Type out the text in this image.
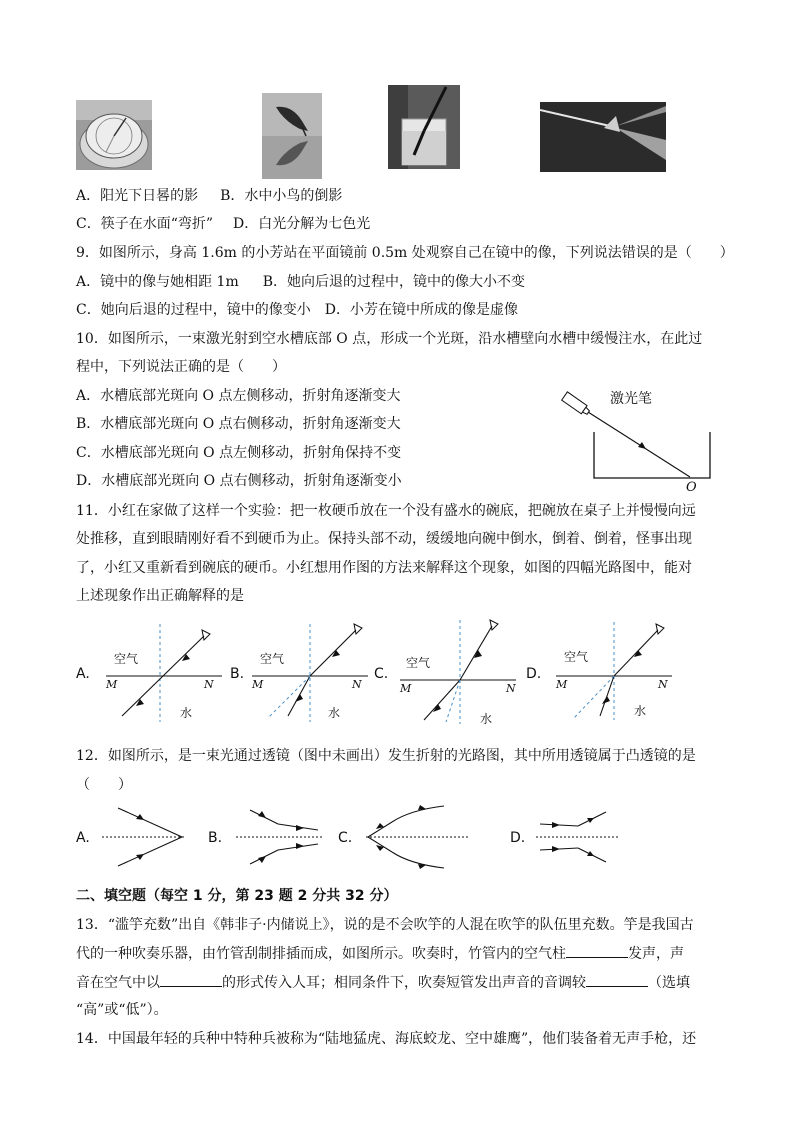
A．阳光下日晷的影 B．水中小鸟的倒影
C．筷子在水面“弯折” D．白光分解为七色光
9．如图所示，身高 1.6m 的小芳站在平面镜前 0.5m 处观察自己在镜中的像，下列说法错误的是（　　）
A．镜中的像与她相距 1m B．她向后退的过程中，镜中的像大小不变
C．她向后退的过程中，镜中的像变小 D．小芳在镜中所成的像是虚像
10．如图所示，一束激光射到空水槽底部 O 点，形成一个光斑，沿水槽壁向水槽中缓慢注水，在此过
程中，下列说法正确的是（　　）
A．水槽底部光斑向 O 点左侧移动，折射角逐渐变大
B．水槽底部光斑向 O 点右侧移动，折射角逐渐变大
C．水槽底部光斑向 O 点左侧移动，折射角保持不变
D．水槽底部光斑向 O 点右侧移动，折射角逐渐变小
激光笔
O
11．小红在家做了这样一个实验：把一枚硬币放在一个没有盛水的碗底，把碗放在桌子上并慢慢向远
处推移，直到眼睛刚好看不到硬币为止。保持头部不动，缓缓地向碗中倒水，倒着、倒着，怪事出现
了，小红又重新看到碗底的硬币。小红想用作图的方法来解释这个现象，如图的四幅光路图中，能对
上述现象作出正确解释的是
A.
空气
水
M	N
B.
空气
水
M	N
C.
空气
水
M	N
D.
空气
水
M	N
12．如图所示，是一束光通过透镜（图中未画出）发生折射的光路图，其中所用透镜属于凸透镜的是
（　　）
A.	B.	C.	D.
二、填空题（每空 1 分，第 23 题 2 分共 32 分）
13．“滥竽充数”出自《韩非子·内储说上》，说的是不会吹竽的人混在吹竽的队伍里充数。竽是我国古
代的一种吹奏乐器，由竹管刮制排插而成，如图所示。吹奏时，竹管内的空气柱	发声，声
音在空气中以	的形式传入人耳；相同条件下，吹奏短管发出声音的音调较	（选填
“高”或“低”）。
14．中国最年轻的兵种中特种兵被称为“陆地猛虎、海底蛟龙、空中雄鹰”，他们装备着无声手枪，还
